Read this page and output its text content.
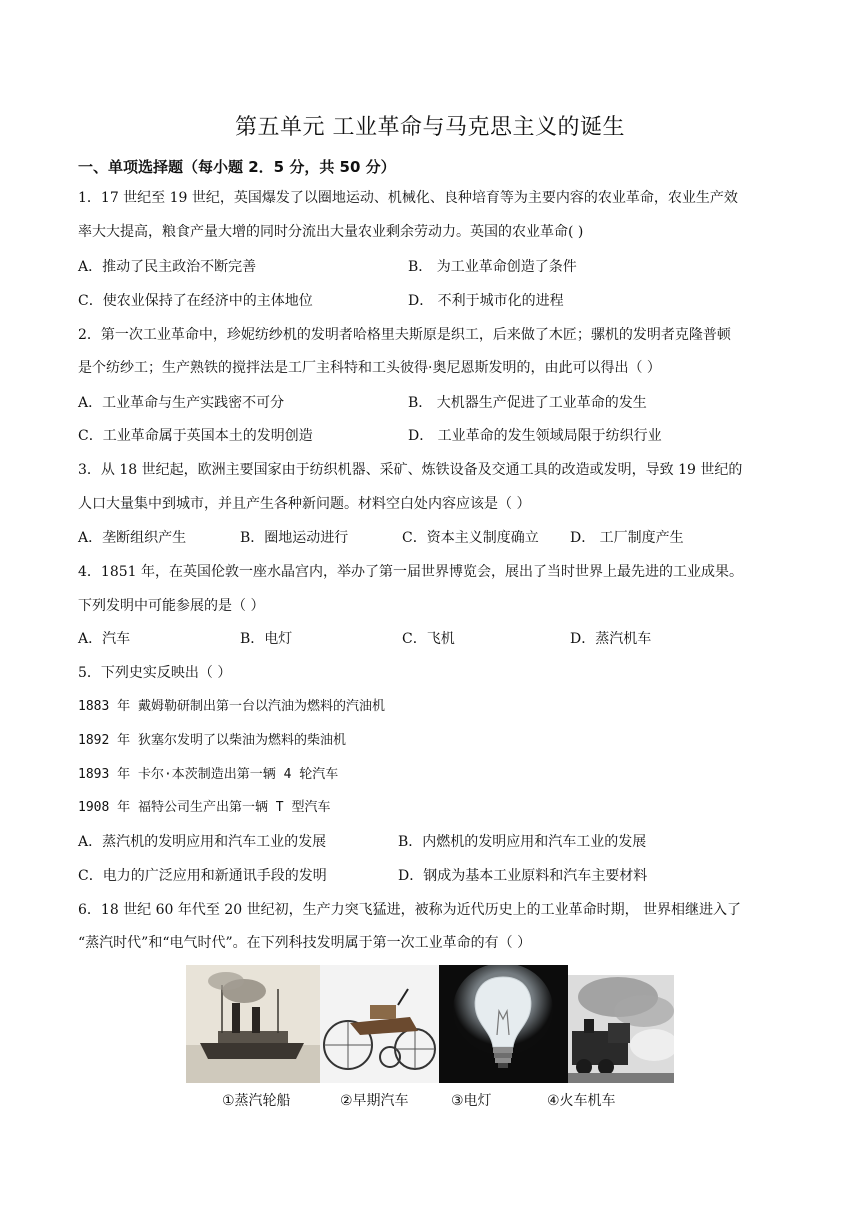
第五单元 工业革命与马克思主义的诞生
一、单项选择题（每小题 2．5 分，共 50 分）
1．17 世纪至 19 世纪，英国爆发了以圈地运动、机械化、良种培育等为主要内容的农业革命，农业生产效
率大大提高，粮食产量大增的同时分流出大量农业剩余劳动力。英国的农业革命( )
A．推动了民主政治不断完善	B． 为工业革命创造了条件
C．使农业保持了在经济中的主体地位	D． 不利于城市化的进程
2．第一次工业革命中，珍妮纺纱机的发明者哈格里夫斯原是织工，后来做了木匠；骡机的发明者克隆普顿
是个纺纱工；生产熟铁的搅拌法是工厂主科特和工头彼得·奥尼恩斯发明的，由此可以得出（ ）
A．工业革命与生产实践密不可分	B． 大机器生产促进了工业革命的发生
C．工业革命属于英国本土的发明创造	D． 工业革命的发生领域局限于纺织行业
3．从 18 世纪起，欧洲主要国家由于纺织机器、采矿、炼铁设备及交通工具的改造或发明，导致 19 世纪的
人口大量集中到城市，并且产生各种新问题。材料空白处内容应该是（ ）
A．垄断组织产生	B．圈地运动进行	C．资本主义制度确立 D． 工厂制度产生
4．1851 年，在英国伦敦一座水晶宫内，举办了第一届世界博览会，展出了当时世界上最先进的工业成果。
下列发明中可能参展的是（ ）
A．汽车	B．电灯	C．飞机	D．蒸汽机车
5．下列史实反映出（ ）
1883 年 戴姆勒研制出第一台以汽油为燃料的汽油机
1892 年 狄塞尔发明了以柴油为燃料的柴油机
1893 年 卡尔·本茨制造出第一辆 4 轮汽车
1908 年 福特公司生产出第一辆 T 型汽车
A．蒸汽机的发明应用和汽车工业的发展	B．内燃机的发明应用和汽车工业的发展
C．电力的广泛应用和新通讯手段的发明	D．钢成为基本工业原料和汽车主要材料
6．18 世纪 60 年代至 20 世纪初，生产力突飞猛进，被称为近代历史上的工业革命时期， 世界相继进入了
“蒸汽时代”和“电气时代”。在下列科技发明属于第一次工业革命的有（ ）
①蒸汽轮船	②早期汽车	③电灯	④火车机车
